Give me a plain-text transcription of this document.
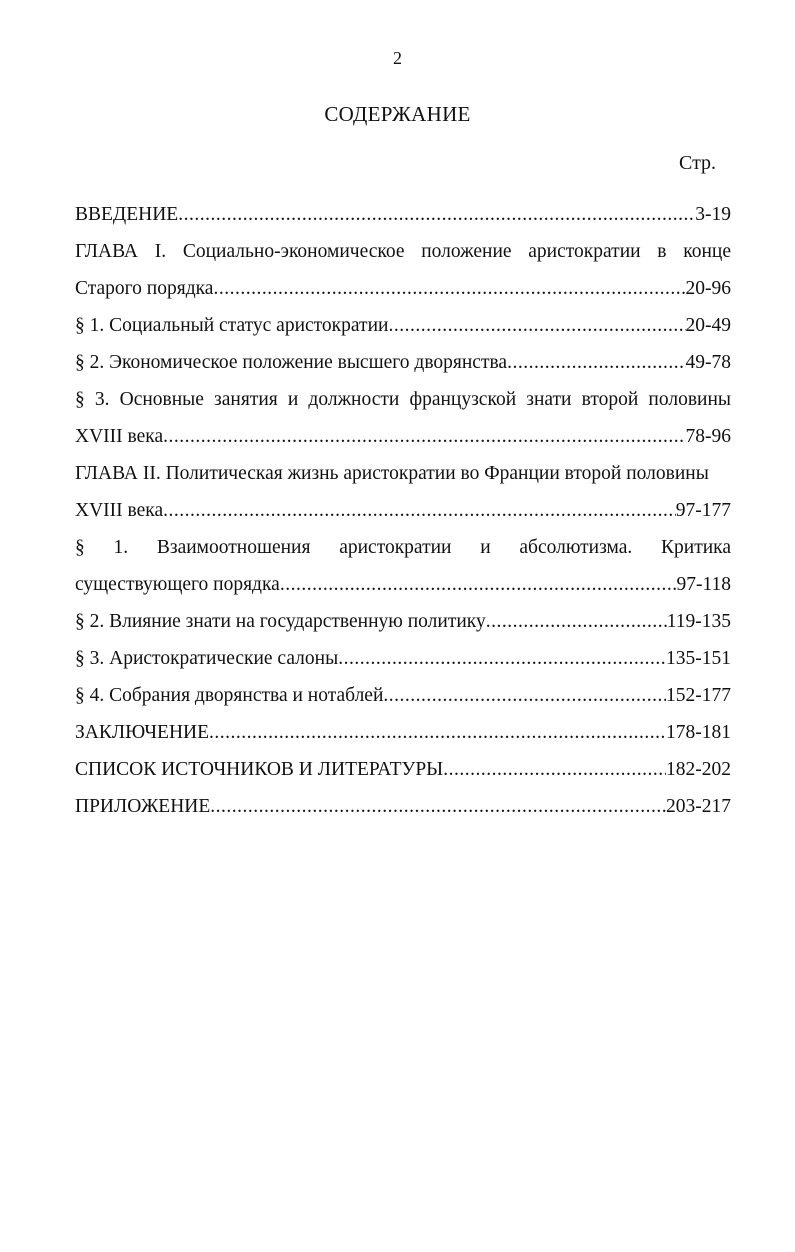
2
СОДЕРЖАНИЕ
Стр.
ВВЕДЕНИЕ .....	3-19
ГЛАВА I. Социально-экономическое положение аристократии в конце
Старого порядка .....	20-96
§ 1. Социальный статус аристократии .....	20-49
§ 2. Экономическое положение высшего дворянства .....	49-78
§ 3. Основные занятия и должности французской знати второй половины
XVIII века .....	78-96
ГЛАВА II. Политическая жизнь аристократии во Франции второй половины
XVIII века .....	97-177
§ 1. Взаимоотношения аристократии и абсолютизма. Критика
существующего порядка .....	97-118
§ 2. Влияние знати на государственную политику .....	119-135
§ 3. Аристократические салоны .....	135-151
§ 4. Собрания дворянства и нотаблей .....	152-177
ЗАКЛЮЧЕНИЕ .....	178-181
СПИСОК ИСТОЧНИКОВ И ЛИТЕРАТУРЫ .....	182-202
ПРИЛОЖЕНИЕ .....	203-217
